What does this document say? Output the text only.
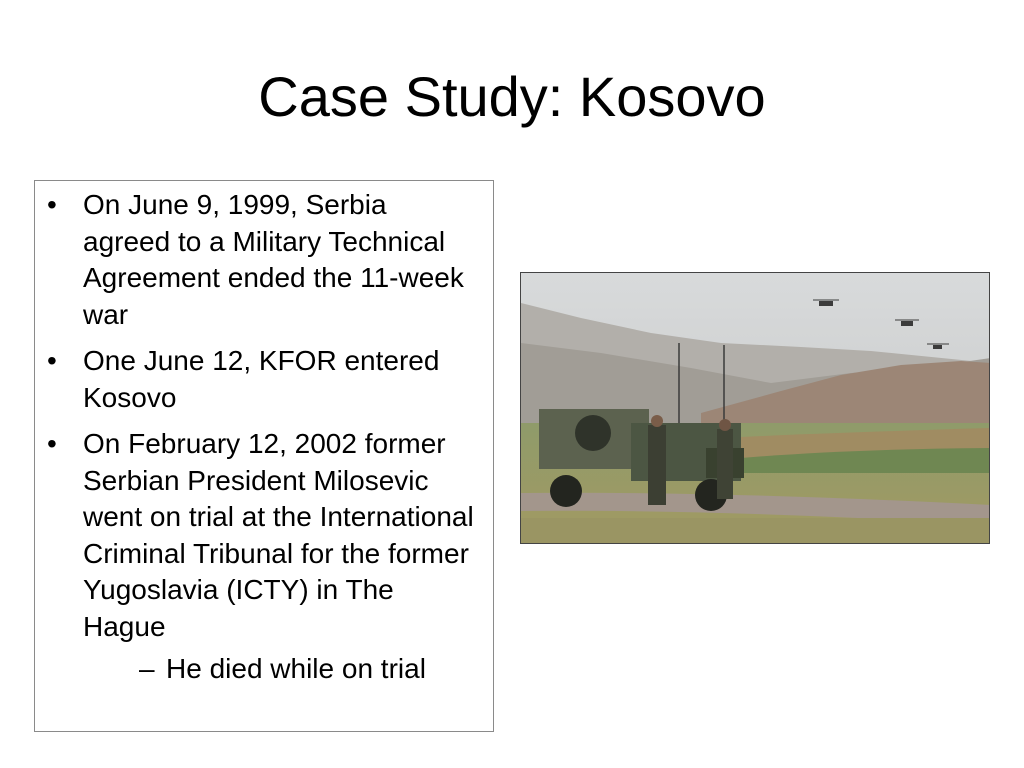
Case Study: Kosovo
• On June 9, 1999, Serbia agreed to a Military Technical Agreement ended the 11-week war
• One June 12, KFOR entered Kosovo
• On February 12, 2002 former Serbian President Milosevic went on trial at the International Criminal Tribunal for the former Yugoslavia (ICTY) in The Hague
– He died while on trial
